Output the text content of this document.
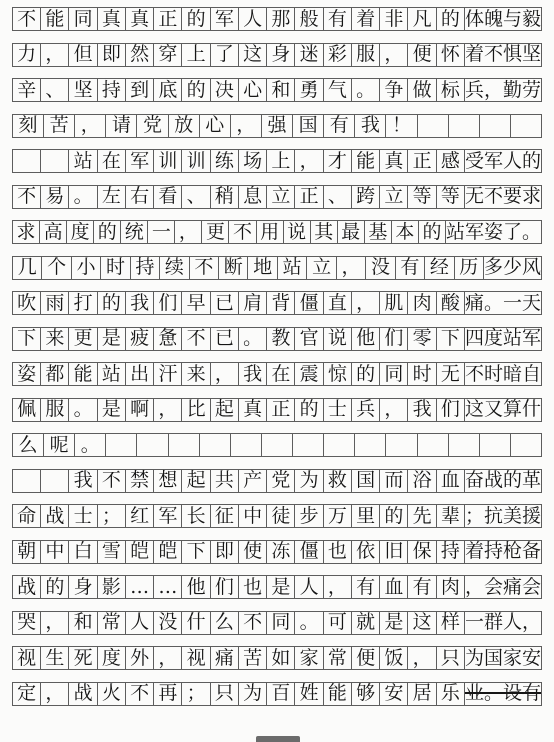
不 能 同 真 真 正 的 军 人 那 般 有 着 非 凡 的 体魄与毅
力 ， 但 即 然 穿 上 了 这 身 迷 彩 服 ， 便 怀 着不惧坚
辛 、 坚 持 到 底 的 决 心 和 勇 气 。 争 做 标 兵，勤劳
刻 苦 ， 请 党 放 心 ， 强 国 有 我 ！
站 在 军 训 训 练 场 上 ， 才 能 真 正 感 受军人的
不 易 。 左 右 看 、 稍 息 立 正 、 跨 立 等 等 无不要求
求 高 度 的 统 一 ， 更 不 用 说 其 最 基 本 的 站军姿了。
几 个 小 时 持 续 不 断 地 站 立 ， 没 有 经 历 多少风
吹 雨 打 的 我 们 早 已 肩 背 僵 直 ， 肌 肉 酸 痛。一天
下 来 更 是 疲 惫 不 已 。 教 官 说 他 们 零 下 四度站军
姿 都 能 站 出 汗 来 ， 我 在 震 惊 的 同 时 无 不时暗自
佩 服 。 是 啊 ， 比 起 真 正 的 士 兵 ， 我 们 这又算什
么 呢 。
我 不 禁 想 起 共 产 党 为 救 国 而 浴 血 奋战的革
命 战 士 ； 红 军 长 征 中 徒 步 万 里 的 先 辈 ；抗美援
朝 中 白 雪 皑 皑 下 即 使 冻 僵 也 依 旧 保 持 着持枪备
战 的 身 影 … … 他 们 也 是 人 ， 有 血 有 肉 ，会痛会
哭 ， 和 常 人 没 什 么 不 同 。 可 就 是 这 样 一群人，
视 生 死 度 外 ， 视 痛 苦 如 家 常 便 饭 ， 只 为国家安
定 ， 战 火 不 再 ； 只 为 百 姓 能 够 安 居 乐 业。设有
